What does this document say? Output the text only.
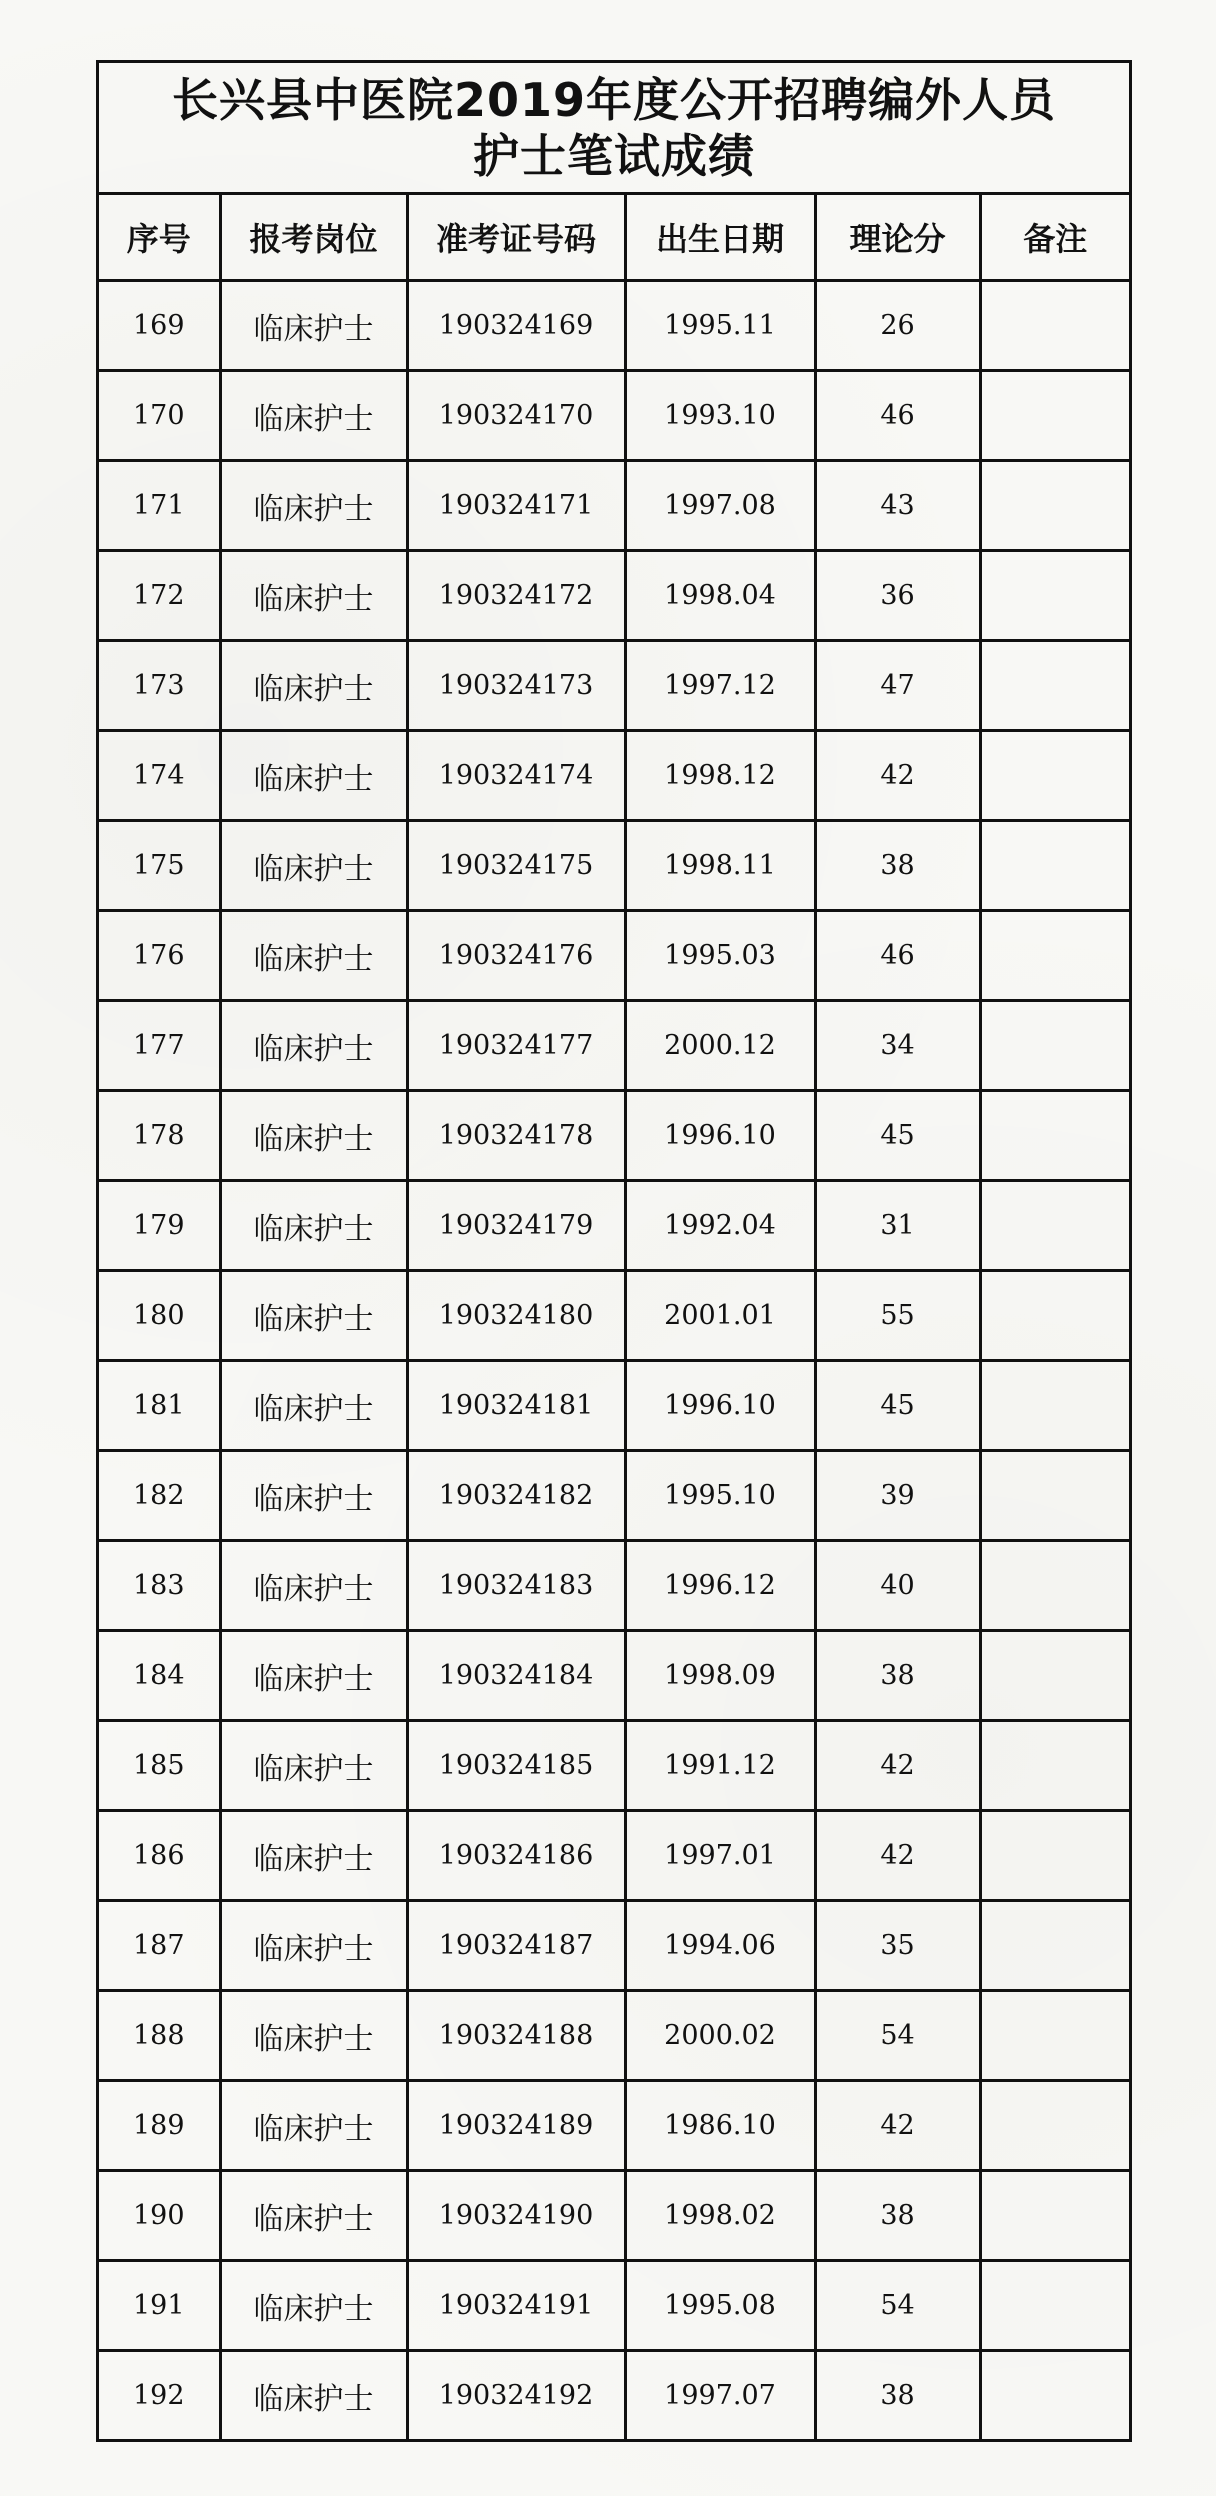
长兴县中医院2019年度公开招聘编外人员护士笔试成绩
序号	报考岗位	准考证号码	出生日期	理论分	备注
169	临床护士	190324169	1995.11	26	
170	临床护士	190324170	1993.10	46	
171	临床护士	190324171	1997.08	43	
172	临床护士	190324172	1998.04	36	
173	临床护士	190324173	1997.12	47	
174	临床护士	190324174	1998.12	42	
175	临床护士	190324175	1998.11	38	
176	临床护士	190324176	1995.03	46	
177	临床护士	190324177	2000.12	34	
178	临床护士	190324178	1996.10	45	
179	临床护士	190324179	1992.04	31	
180	临床护士	190324180	2001.01	55	
181	临床护士	190324181	1996.10	45	
182	临床护士	190324182	1995.10	39	
183	临床护士	190324183	1996.12	40	
184	临床护士	190324184	1998.09	38	
185	临床护士	190324185	1991.12	42	
186	临床护士	190324186	1997.01	42	
187	临床护士	190324187	1994.06	35	
188	临床护士	190324188	2000.02	54	
189	临床护士	190324189	1986.10	42	
190	临床护士	190324190	1998.02	38	
191	临床护士	190324191	1995.08	54	
192	临床护士	190324192	1997.07	38	
